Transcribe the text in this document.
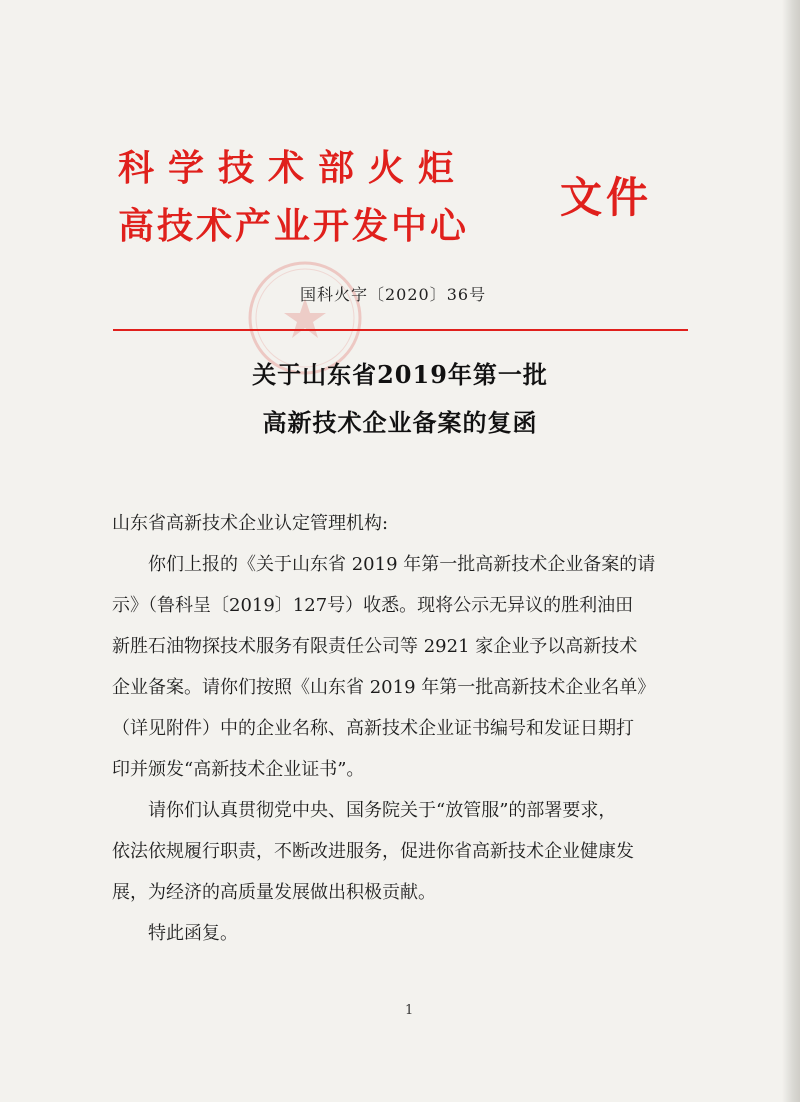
科学技术部火炬
高技术产业开发中心
文件
国科火字〔2020〕36号
关于山东省2019年第一批
高新技术企业备案的复函
山东省高新技术企业认定管理机构:
你们上报的《关于山东省 2019 年第一批高新技术企业备案的请
示》（鲁科呈〔2019〕127号）收悉。现将公示无异议的胜利油田
新胜石油物探技术服务有限责任公司等 2921 家企业予以高新技术
企业备案。请你们按照《山东省 2019 年第一批高新技术企业名单》
（详见附件）中的企业名称、高新技术企业证书编号和发证日期打
印并颁发“高新技术企业证书”。
请你们认真贯彻党中央、国务院关于“放管服”的部署要求，
依法依规履行职责，不断改进服务，促进你省高新技术企业健康发
展，为经济的高质量发展做出积极贡献。
特此函复。
1
